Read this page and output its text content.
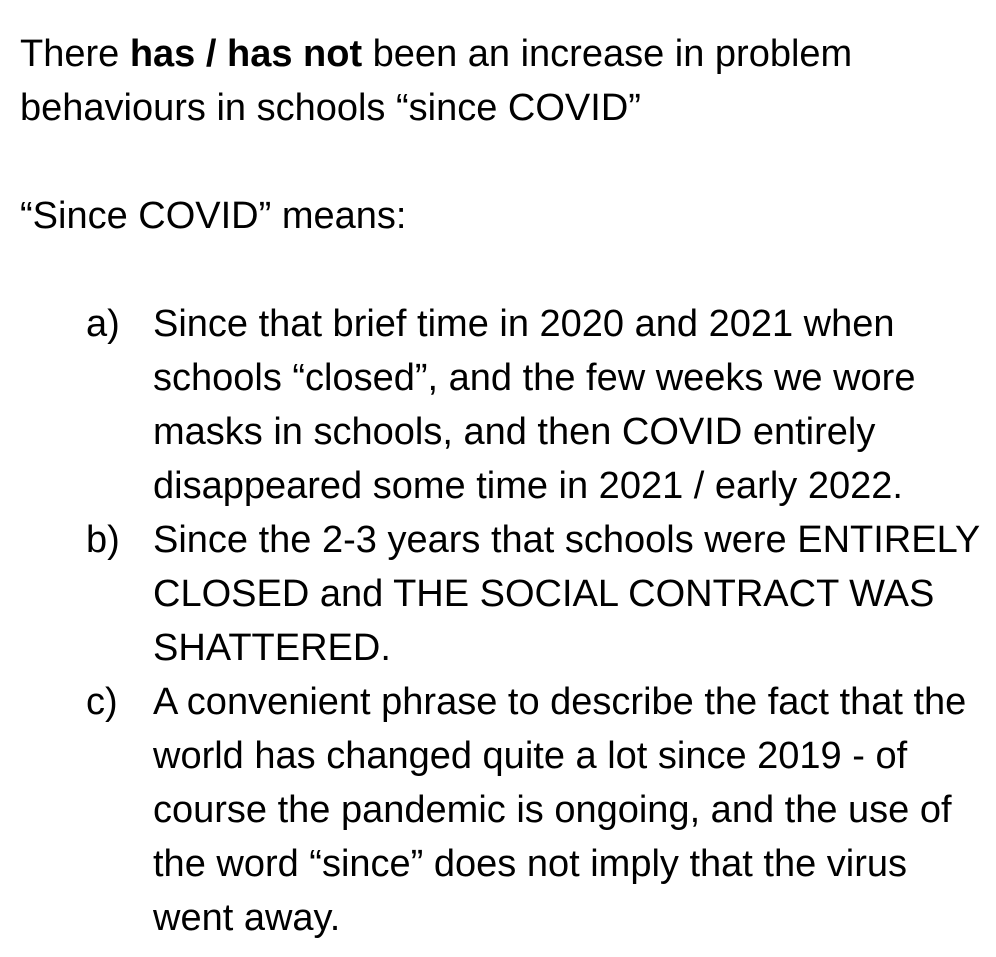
There has / has not been an increase in problem behaviours in schools “since COVID”

“Since COVID” means:

a) Since that brief time in 2020 and 2021 when schools “closed”, and the few weeks we wore masks in schools, and then COVID entirely disappeared some time in 2021 / early 2022.
b) Since the 2-3 years that schools were ENTIRELY CLOSED and THE SOCIAL CONTRACT WAS SHATTERED.
c) A convenient phrase to describe the fact that the world has changed quite a lot since 2019 - of course the pandemic is ongoing, and the use of the word “since” does not imply that the virus went away.
